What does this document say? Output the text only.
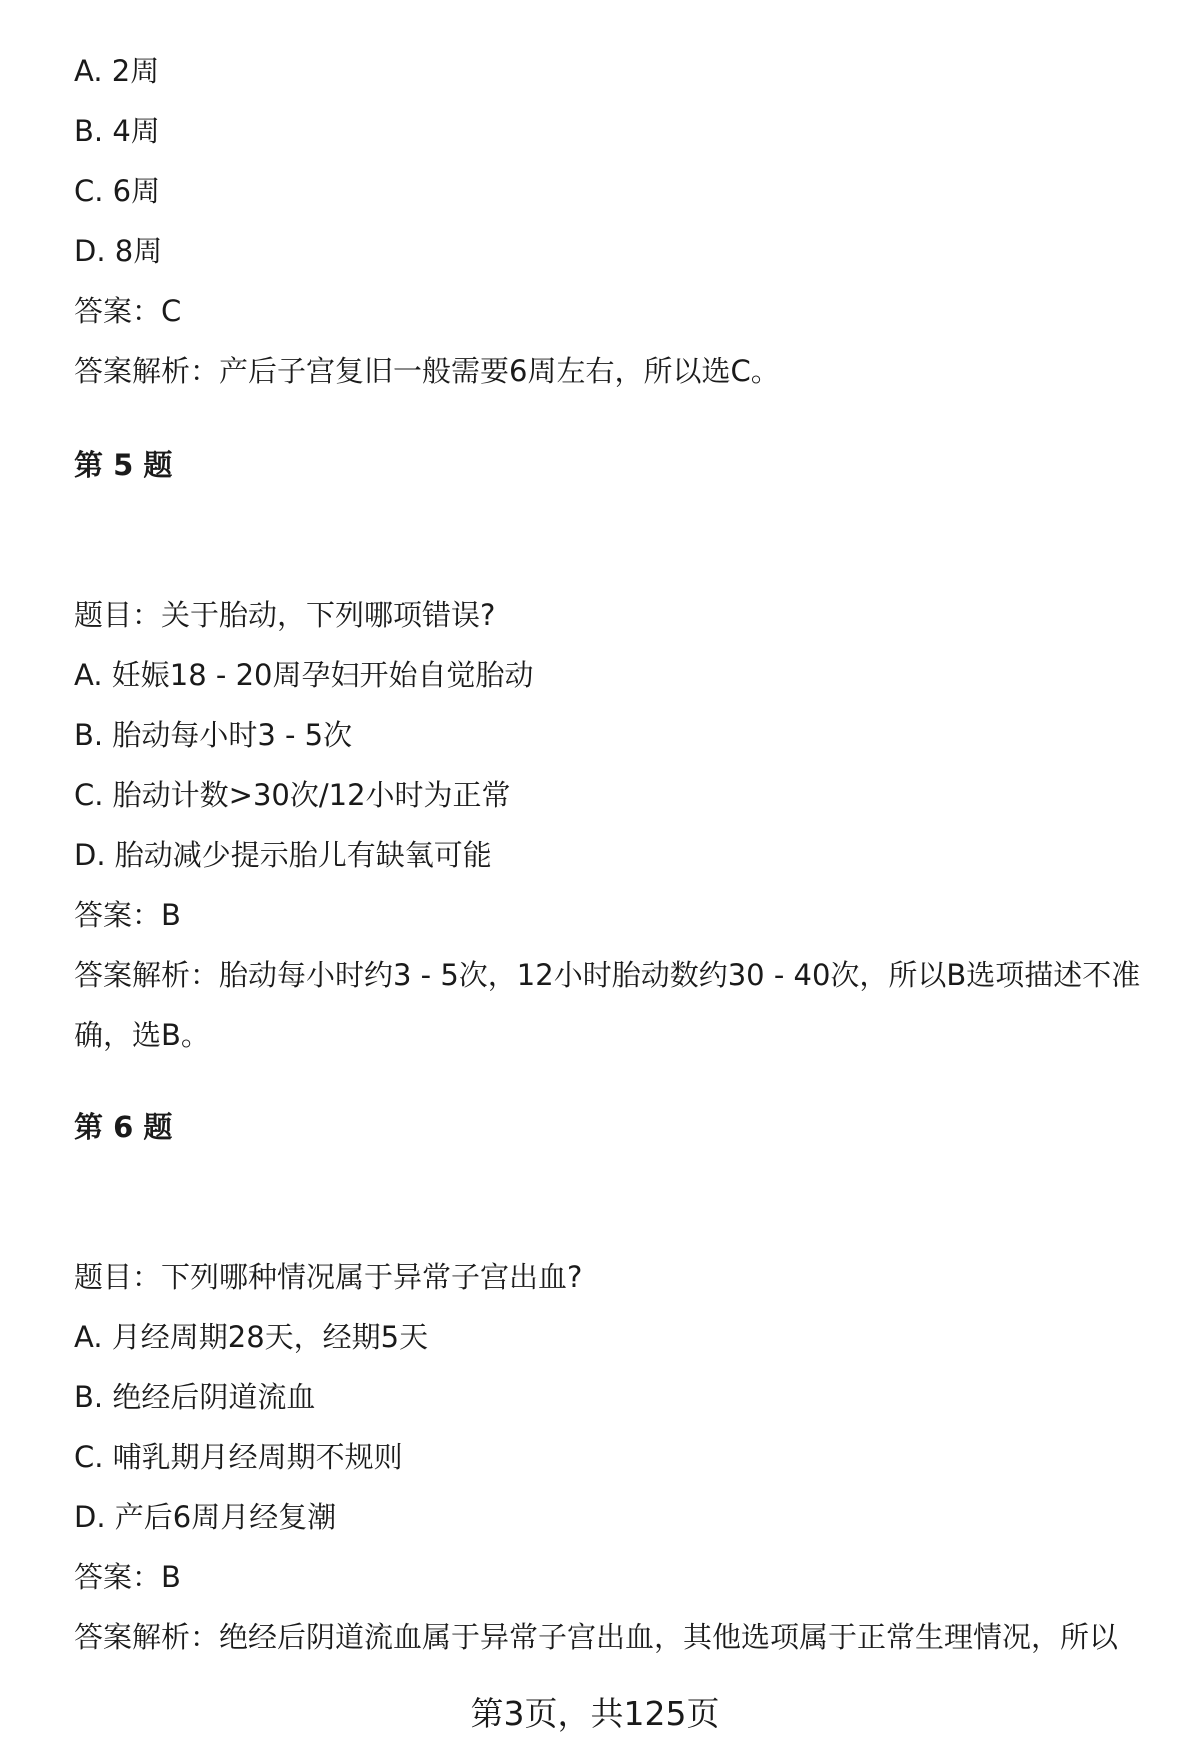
A. 2周
B. 4周
C. 6周
D. 8周
答案：C
答案解析：产后子宫复旧一般需要6周左右，所以选C。
第 5 题
题目：关于胎动，下列哪项错误?
A. 妊娠18 - 20周孕妇开始自觉胎动
B. 胎动每小时3 - 5次
C. 胎动计数>30次/12小时为正常
D. 胎动减少提示胎儿有缺氧可能
答案：B
答案解析：胎动每小时约3 - 5次，12小时胎动数约30 - 40次，所以B选项描述不准确，选B。
第 6 题
题目：下列哪种情况属于异常子宫出血?
A. 月经周期28天，经期5天
B. 绝经后阴道流血
C. 哺乳期月经周期不规则
D. 产后6周月经复潮
答案：B
答案解析：绝经后阴道流血属于异常子宫出血，其他选项属于正常生理情况，所以
第3页，共125页
